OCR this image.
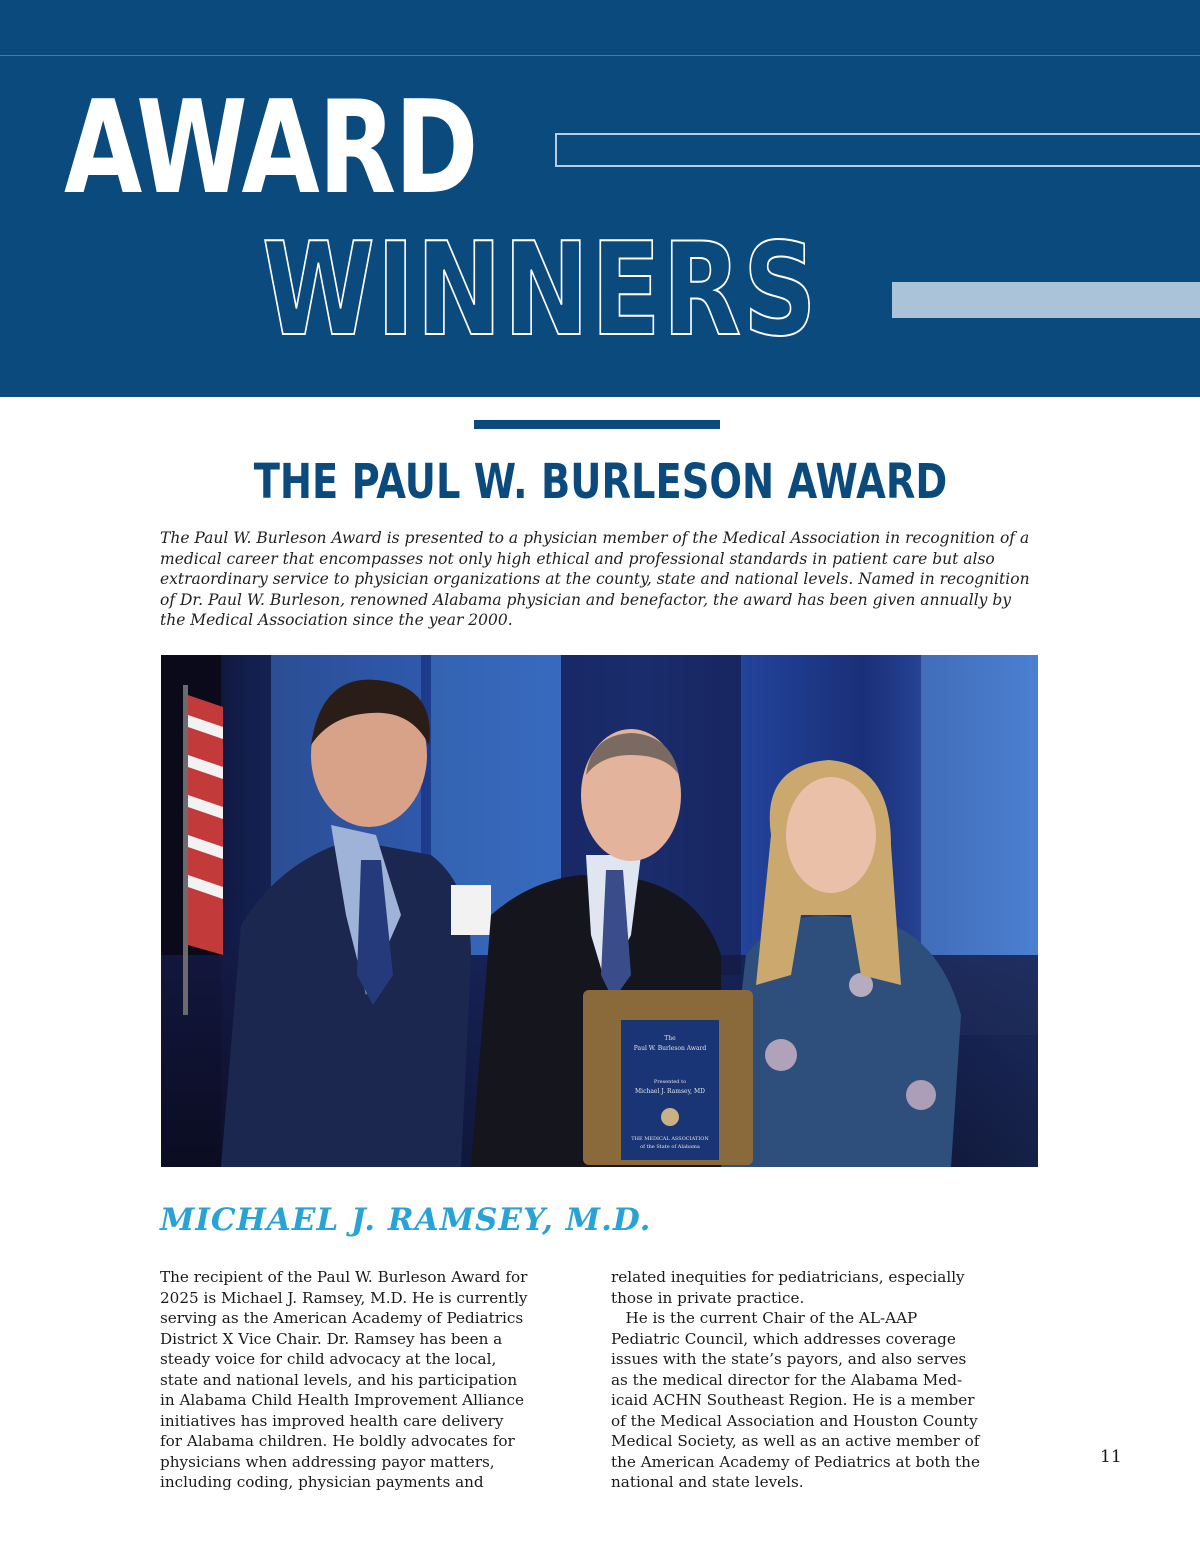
AWARD
WINNERS
THE PAUL W. BURLESON AWARD

The Paul W. Burleson Award is presented to a physician member of the Medical Association in recognition of a medical career that encompasses not only high ethical and professional standards in patient care but also extraordinary service to physician organizations at the county, state and national levels. Named in recognition of Dr. Paul W. Burleson, renowned Alabama physician and benefactor, the award has been given annually by the Medical Association since the year 2000.

The
Paul W. Burleson Award
Presented to
Michael J. Ramsey, MD
THE MEDICAL ASSOCIATION
of the State of Alabama
MICHAEL J. RAMSEY, M.D.

The recipient of the Paul W. Burleson Award for

2025 is Michael J. Ramsey, M.D. He is currently

serving as the American Academy of Pediatrics

District X Vice Chair. Dr. Ramsey has been a

steady voice for child advocacy at the local,

state and national levels, and his participation

in Alabama Child Health Improvement Alliance

initiatives has improved health care delivery

for Alabama children. He boldly advocates for

physicians when addressing payor matters,

including coding, physician payments and

related inequities for pediatricians, especially

those in private practice.

He is the current Chair of the AL-AAP

Pediatric Council, which addresses coverage

issues with the state’s payors, and also serves

as the medical director for the Alabama Med-

icaid ACHN Southeast Region. He is a member

of the Medical Association and Houston County

Medical Society, as well as an active member of

the American Academy of Pediatrics at both the

national and state levels.

11
